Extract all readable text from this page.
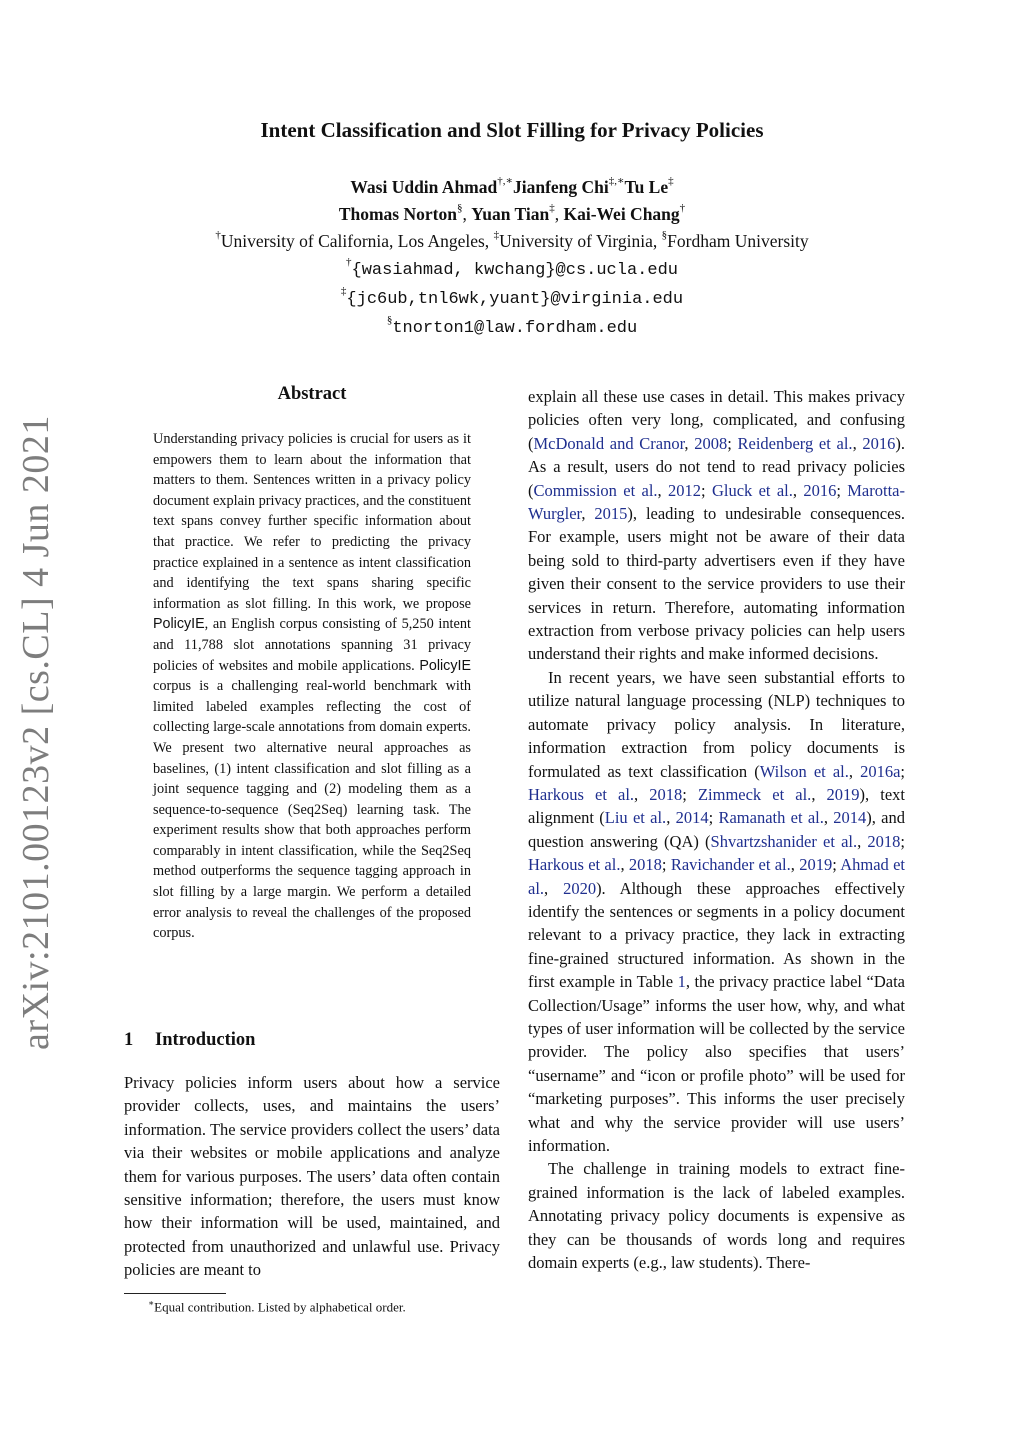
arXiv:2101.00123v2 [cs.CL] 4 Jun 2021
Intent Classification and Slot Filling for Privacy Policies
Wasi Uddin Ahmad†,∗Jianfeng Chi‡,∗Tu Le‡
Thomas Norton§, Yuan Tian‡, Kai-Wei Chang†
†University of California, Los Angeles, ‡University of Virginia, §Fordham University
†{wasiahmad, kwchang}@cs.ucla.edu
‡{jc6ub,tnl6wk,yuant}@virginia.edu
§tnorton1@law.fordham.edu
Abstract

Understanding privacy policies is crucial for users as it empowers them to learn about the information that matters to them. Sentences written in a privacy policy document explain privacy practices, and the constituent text spans convey further specific information about that practice. We refer to predicting the privacy practice explained in a sentence as intent classification and identifying the text spans sharing specific information as slot filling. In this work, we propose PolicyIE, an English corpus consisting of 5,250 intent and 11,788 slot annotations spanning 31 privacy policies of websites and mobile applications. PolicyIE corpus is a challenging real-world benchmark with limited labeled examples reflecting the cost of collecting large-scale annotations from domain experts. We present two alternative neural approaches as baselines, (1) intent classification and slot filling as a joint sequence tagging and (2) modeling them as a sequence-to-sequence (Seq2Seq) learning task. The experiment results show that both approaches perform comparably in intent classification, while the Seq2Seq method outperforms the sequence tagging approach in slot filling by a large margin. We perform a detailed error analysis to reveal the challenges of the proposed corpus.

1 Introduction

Privacy policies inform users about how a service provider collects, uses, and maintains the users’ information. The service providers collect the users’ data via their websites or mobile applications and analyze them for various purposes. The users’ data often contain sensitive information; therefore, the users must know how their information will be used, maintained, and protected from unauthorized and unlawful use. Privacy policies are meant to

∗Equal contribution. Listed by alphabetical order.

explain all these use cases in detail. This makes privacy policies often very long, complicated, and confusing (McDonald and Cranor, 2008; Reidenberg et al., 2016). As a result, users do not tend to read privacy policies (Commission et al., 2012; Gluck et al., 2016; Marotta-Wurgler, 2015), leading to undesirable consequences. For example, users might not be aware of their data being sold to third-party advertisers even if they have given their consent to the service providers to use their services in return. Therefore, automating information extraction from verbose privacy policies can help users understand their rights and make informed decisions.

In recent years, we have seen substantial efforts to utilize natural language processing (NLP) techniques to automate privacy policy analysis. In literature, information extraction from policy documents is formulated as text classification (Wilson et al., 2016a; Harkous et al., 2018; Zimmeck et al., 2019), text alignment (Liu et al., 2014; Ramanath et al., 2014), and question answering (QA) (Shvartzshanider et al., 2018; Harkous et al., 2018; Ravichander et al., 2019; Ahmad et al., 2020). Although these approaches effectively identify the sentences or segments in a policy document relevant to a privacy practice, they lack in extracting fine-grained structured information. As shown in the first example in Table 1, the privacy practice label “Data Collection/Usage” informs the user how, why, and what types of user information will be collected by the service provider. The policy also specifies that users’ “username” and “icon or profile photo” will be used for “marketing purposes”. This informs the user precisely what and why the service provider will use users’ information.

The challenge in training models to extract fine-grained information is the lack of labeled examples. Annotating privacy policy documents is expensive as they can be thousands of words long and requires domain experts (e.g., law students). There-
